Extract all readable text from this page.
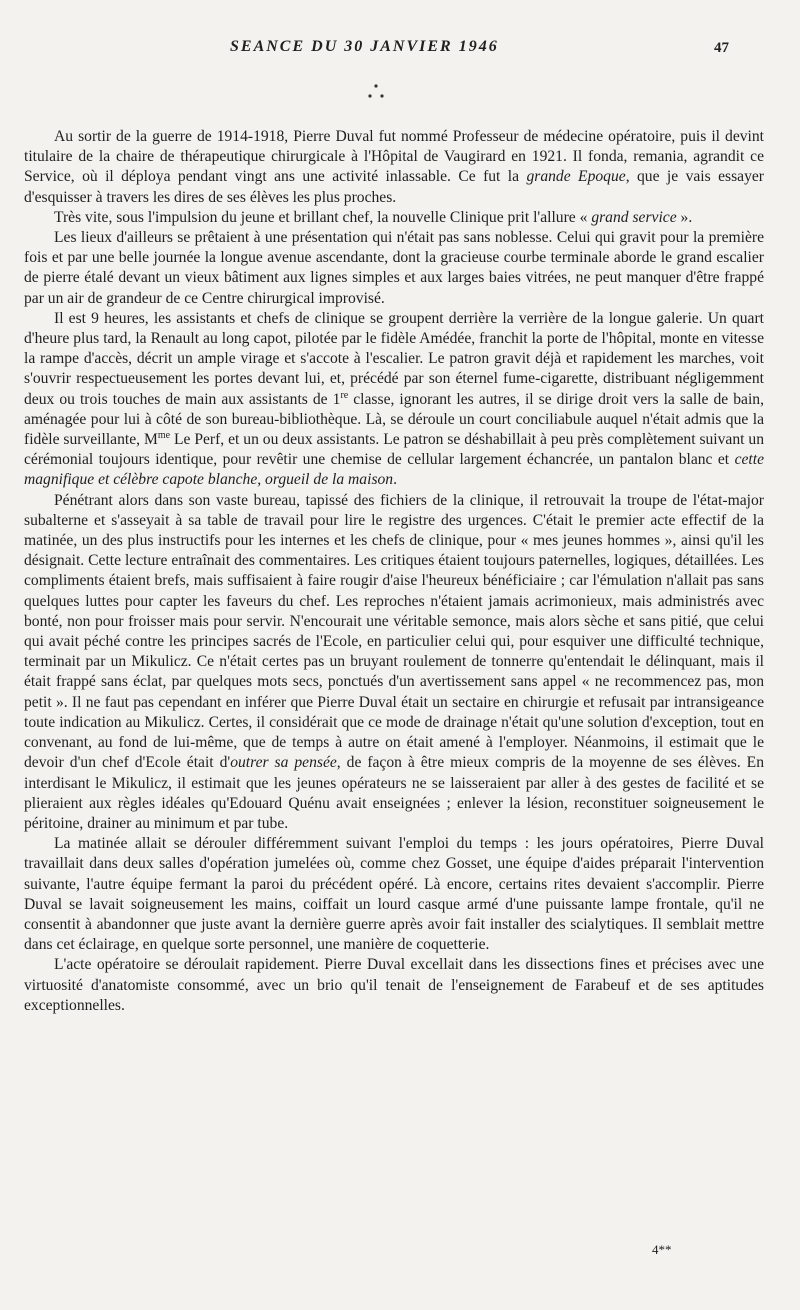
SEANCE DU 30 JANVIER 1946	47

Au sortir de la guerre de 1914-1918, Pierre Duval fut nommé Professeur de médecine opératoire, puis il devint titulaire de la chaire de thérapeutique chirurgicale à l'Hôpital de Vaugirard en 1921. Il fonda, remania, agrandit ce Service, où il déploya pendant vingt ans une activité inlassable. Ce fut la grande Epoque, que je vais essayer d'esquisser à travers les dires de ses élèves les plus proches.

Très vite, sous l'impulsion du jeune et brillant chef, la nouvelle Clinique prit l'allure « grand service ».

Les lieux d'ailleurs se prêtaient à une présentation qui n'était pas sans noblesse. Celui qui gravit pour la première fois et par une belle journée la longue avenue ascendante, dont la gracieuse courbe terminale aborde le grand escalier de pierre étalé devant un vieux bâtiment aux lignes simples et aux larges baies vitrées, ne peut manquer d'être frappé par un air de grandeur de ce Centre chirurgical improvisé.

Il est 9 heures, les assistants et chefs de clinique se groupent derrière la verrière de la longue galerie. Un quart d'heure plus tard, la Renault au long capot, pilotée par le fidèle Amédée, franchit la porte de l'hôpital, monte en vitesse la rampe d'accès, décrit un ample virage et s'accote à l'escalier. Le patron gravit déjà et rapidement les marches, voit s'ouvrir respectueusement les portes devant lui, et, précédé par son éternel fume-cigarette, distribuant négligemment deux ou trois touches de main aux assistants de 1re classe, ignorant les autres, il se dirige droit vers la salle de bain, aménagée pour lui à côté de son bureau-bibliothèque. Là, se déroule un court conciliabule auquel n'était admis que la fidèle surveillante, $M^{me}$ Le Perf, et un ou deux assistants. Le patron se déshabillait à peu près complètement suivant un cérémonial toujours identique, pour revêtir une chemise de cellular largement échancrée, un pantalon blanc et cette magnifique et célèbre capote blanche, orgueil de la maison.

Pénétrant alors dans son vaste bureau, tapissé des fichiers de la clinique, il retrouvait la troupe de l'état-major subalterne et s'asseyait à sa table de travail pour lire le registre des urgences. C'était le premier acte effectif de la matinée, un des plus instructifs pour les internes et les chefs de clinique, pour « mes jeunes hommes », ainsi qu'il les désignait. Cette lecture entraînait des commentaires. Les critiques étaient toujours paternelles, logiques, détaillées. Les compliments étaient brefs, mais suffisaient à faire rougir d'aise l'heureux bénéficiaire ; car l'émulation n'allait pas sans quelques luttes pour capter les faveurs du chef. Les reproches n'étaient jamais acrimonieux, mais administrés avec bonté, non pour froisser mais pour servir. N'encourait une véritable semonce, mais alors sèche et sans pitié, que celui qui avait péché contre les principes sacrés de l'Ecole, en particulier celui qui, pour esquiver une difficulté technique, terminait par un Mikulicz. Ce n'était certes pas un bruyant roulement de tonnerre qu'entendait le délinquant, mais il était frappé sans éclat, par quelques mots secs, ponctués d'un avertissement sans appel « ne recommencez pas, mon petit ». Il ne faut pas cependant en inférer que Pierre Duval était un sectaire en chirurgie et refusait par intransigeance toute indication au Mikulicz. Certes, il considérait que ce mode de drainage n'était qu'une solution d'exception, tout en convenant, au fond de lui-même, que de temps à autre on était amené à l'employer. Néanmoins, il estimait que le devoir d'un chef d'Ecole était d'outrer sa pensée, de façon à être mieux compris de la moyenne de ses élèves. En interdisant le Mikulicz, il estimait que les jeunes opérateurs ne se laisseraient par aller à des gestes de facilité et se plieraient aux règles idéales qu'Edouard Quénu avait enseignées ; enlever la lésion, reconstituer soigneusement le péritoine, drainer au minimum et par tube.

La matinée allait se dérouler différemment suivant l'emploi du temps : les jours opératoires, Pierre Duval travaillait dans deux salles d'opération jumelées où, comme chez Gosset, une équipe d'aides préparait l'intervention suivante, l'autre équipe fermant la paroi du précédent opéré. Là encore, certains rites devaient s'accomplir. Pierre Duval se lavait soigneusement les mains, coiffait un lourd casque armé d'une puissante lampe frontale, qu'il ne consentit à abandonner que juste avant la dernière guerre après avoir fait installer des scialytiques. Il semblait mettre dans cet éclairage, en quelque sorte personnel, une manière de coquetterie.

L'acte opératoire se déroulait rapidement. Pierre Duval excellait dans les dissections fines et précises avec une virtuosité d'anatomiste consommé, avec un brio qu'il tenait de l'enseignement de Farabeuf et de ses aptitudes exceptionnelles.

4**
